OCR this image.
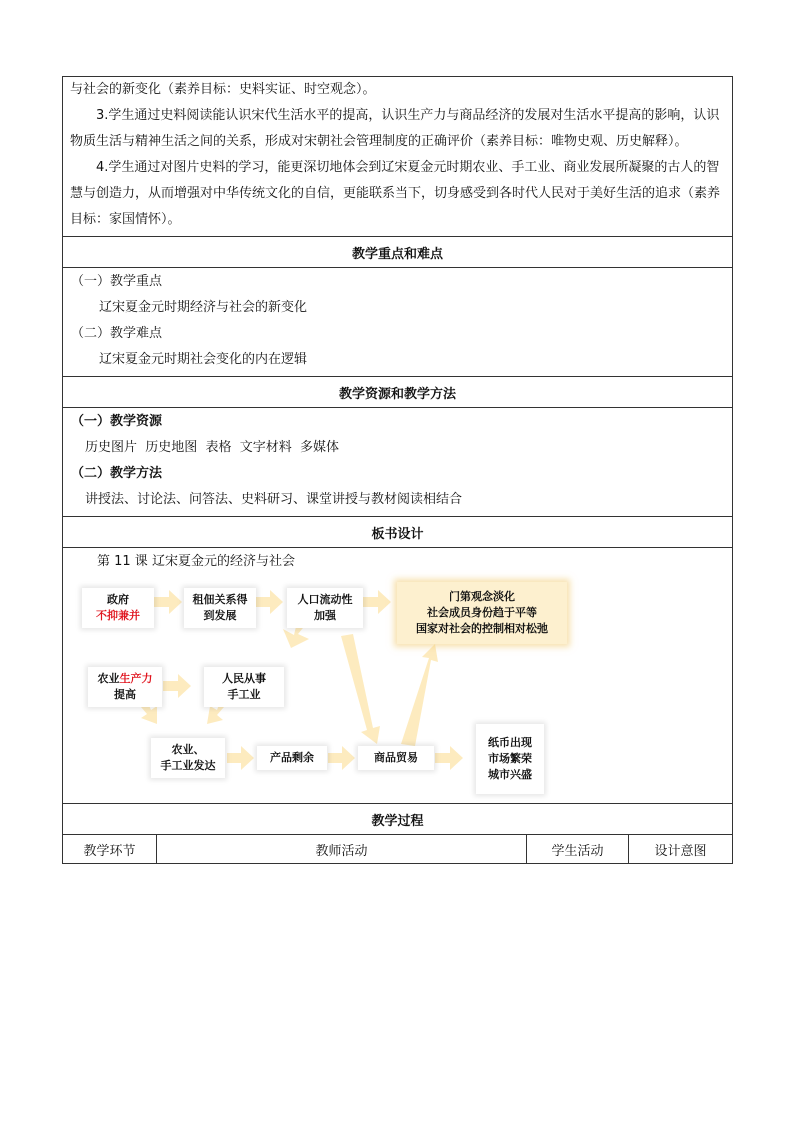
与社会的新变化（素养目标：史料实证、时空观念）。
3.学生通过史料阅读能认识宋代生活水平的提高，认识生产力与商品经济的发展对生活水平提高的影响，认识物质生活与精神生活之间的关系，形成对宋朝社会管理制度的正确评价（素养目标：唯物史观、历史解释）。
4.学生通过对图片史料的学习，能更深切地体会到辽宋夏金元时期农业、手工业、商业发展所凝聚的古人的智慧与创造力，从而增强对中华传统文化的自信，更能联系当下，切身感受到各时代人民对于美好生活的追求（素养目标：家国情怀）。

教学重点和难点

（一）教学重点
辽宋夏金元时期经济与社会的新变化
（二）教学难点
辽宋夏金元时期社会变化的内在逻辑

教学资源和教学方法

（一）教学资源
历史图片  历史地图  表格  文字材料  多媒体
（二）教学方法
讲授法、讨论法、问答法、史料研习、课堂讲授与教材阅读相结合

板书设计

第 11 课 辽宋夏金元的经济与社会
政府
不抑兼并
租佃关系得
到发展
人口流动性
加强
门第观念淡化
社会成员身份趋于平等
国家对社会的控制相对松弛
农业生产力
提高
人民从事
手工业
农业、
手工业发达
产品剩余	商品贸易
纸币出现
市场繁荣
城市兴盛

教学过程
教学环节	教师活动	学生活动	设计意图
